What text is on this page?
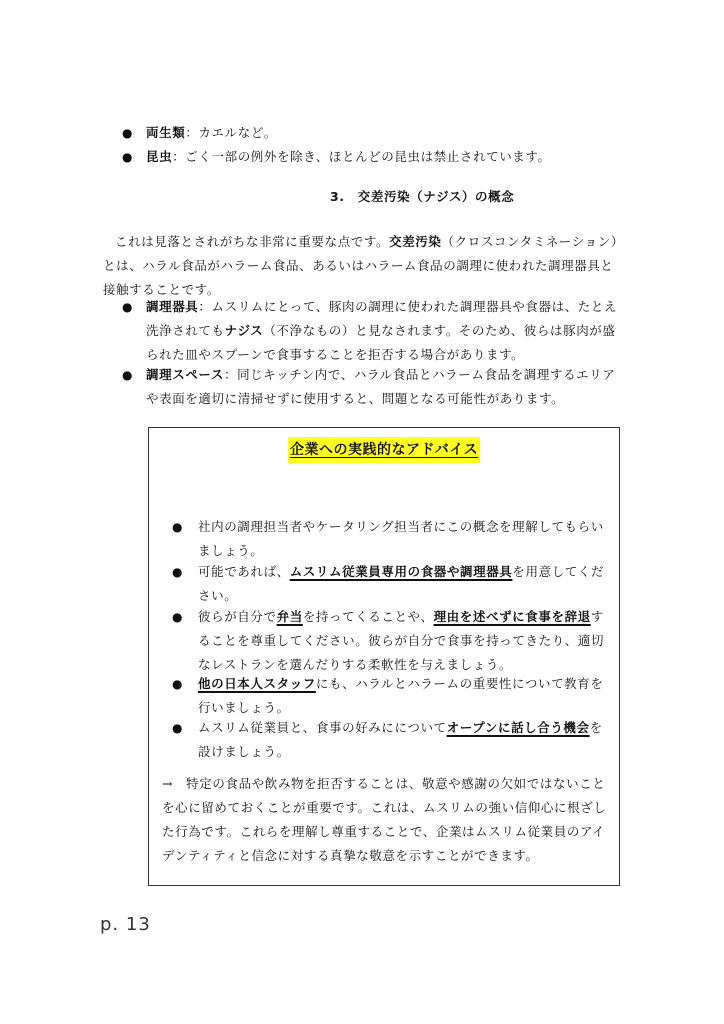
● 両生類：カエルなど。
● 昆虫：ごく一部の例外を除き、ほとんどの昆虫は禁止されています。
3.　交差汚染（ナジス）の概念
これは見落とされがちな非常に重要な点です。交差汚染（クロスコンタミネーション）とは、ハラル食品がハラーム食品、あるいはハラーム食品の調理に使われた調理器具と接触することです。
● 調理器具：ムスリムにとって、豚肉の調理に使われた調理器具や食器は、たとえ洗浄されてもナジス（不浄なもの）と見なされます。そのため、彼らは豚肉が盛られた皿やスプーンで食事することを拒否する場合があります。
● 調理スペース：同じキッチン内で、ハラル食品とハラーム食品を調理するエリアや表面を適切に清掃せずに使用すると、問題となる可能性があります。
企業への実践的なアドバイス
● 社内の調理担当者やケータリング担当者にこの概念を理解してもらいましょう。
● 可能であれば、ムスリム従業員専用の食器や調理器具を用意してください。
● 彼らが自分で弁当を持ってくることや、理由を述べずに食事を辞退することを尊重してください。彼らが自分で食事を持ってきたり、適切なレストランを選んだりする柔軟性を与えましょう。
● 他の日本人スタッフにも、ハラルとハラームの重要性について教育を行いましょう。
● ムスリム従業員と、食事の好みにについてオープンに話し合う機会を設けましょう。
→　特定の食品や飲み物を拒否することは、敬意や感謝の欠如ではないことを心に留めておくことが重要です。これは、ムスリムの強い信仰心に根ざした行為です。これらを理解し尊重することで、企業はムスリム従業員のアイデンティティと信念に対する真摯な敬意を示すことができます。
p. 13
